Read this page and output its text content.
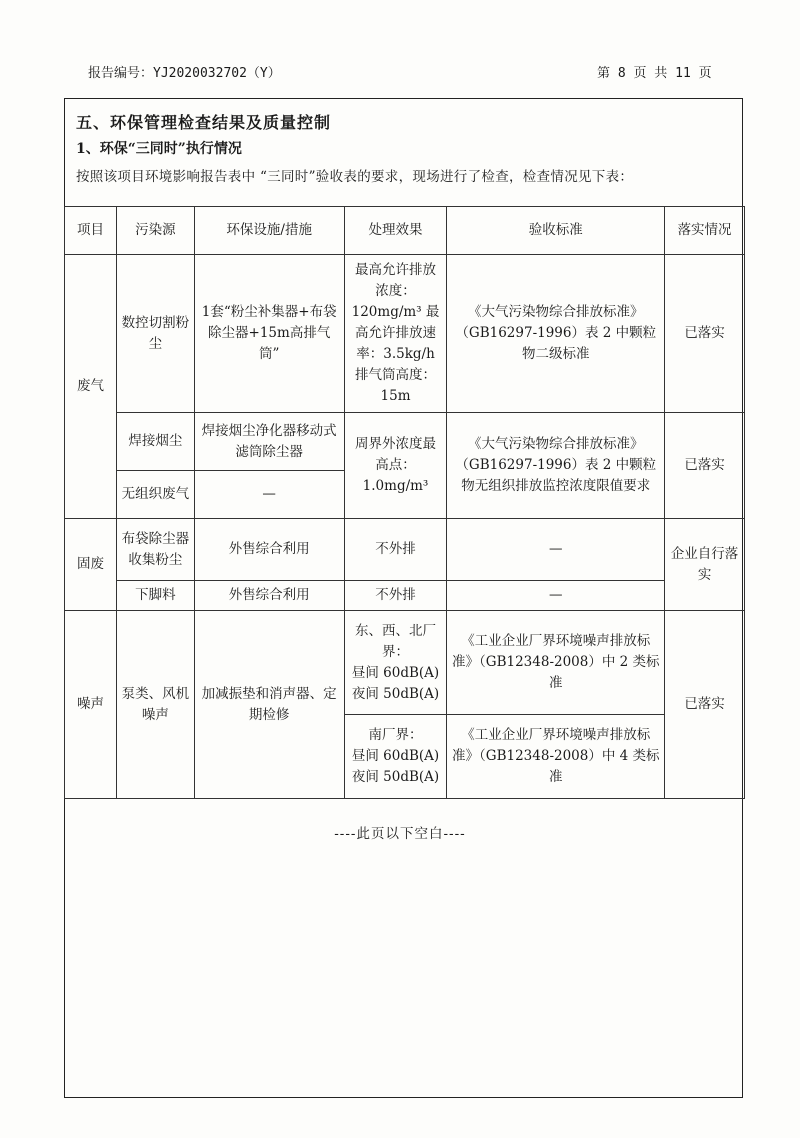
报告编号：YJ2020032702（Y）	第 8 页 共 11 页
五、环保管理检查结果及质量控制
1、环保“三同时”执行情况
按照该项目环境影响报告表中 “三同时”验收表的要求，现场进行了检查，检查情况见下表：
项目	污染源	环保设施/措施	处理效果	验收标准	落实情况
废气	数控切割粉尘	1套“粉尘补集器+布袋除尘器+15m高排气筒”	最高允许排放浓度：120mg/m³ 最高允许排放速率：3.5kg/h 排气筒高度：15m	《大气污染物综合排放标准》（GB16297-1996）表 2 中颗粒物二级标准	已落实
	焊接烟尘	焊接烟尘净化器移动式滤筒除尘器	周界外浓度最高点：1.0mg/m³	《大气污染物综合排放标准》（GB16297-1996）表 2 中颗粒物无组织排放监控浓度限值要求	已落实
	无组织废气	—			
固废	布袋除尘器收集粉尘	外售综合利用	不外排	—	企业自行落实
	下脚料	外售综合利用	不外排	—	
噪声	泵类、风机噪声	加减振垫和消声器、定期检修	东、西、北厂界：
昼间 60dB(A)
夜间 50dB(A)	《工业企业厂界环境噪声排放标准》（GB12348-2008）中 2 类标准	已落实

			南厂界：
昼间 60dB(A)
夜间 50dB(A)	《工业企业厂界环境噪声排放标准》（GB12348-2008）中 4 类标准	
----此页以下空白----
